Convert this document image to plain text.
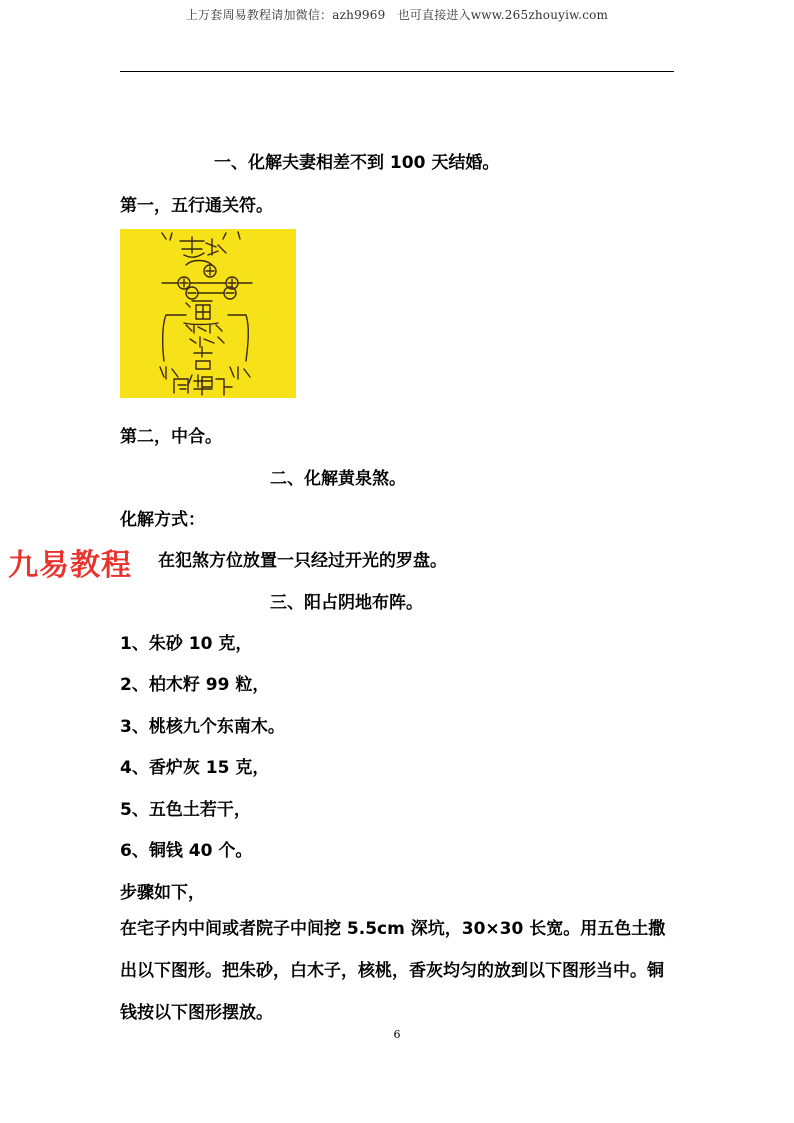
上万套周易教程请加微信：azh9969　也可直接进入www.265zhouyiw.com
一、化解夫妻相差不到 100 天结婚。
第一，五行通关符。
第二，中合。
二、化解黄泉煞。
化解方式：
九易教程 在犯煞方位放置一只经过开光的罗盘。
三、阳占阴地布阵。
1、朱砂 10 克，
2、柏木籽 99 粒，
3、桃核九个东南木。
4、香炉灰 15 克，
5、五色土若干，
6、铜钱 40 个。
步骤如下，
在宅子内中间或者院子中间挖 5.5cm 深坑，30×30 长宽。用五色土撒出以下图形。把朱砂，白木子，核桃，香灰均匀的放到以下图形当中。铜钱按以下图形摆放。
6
